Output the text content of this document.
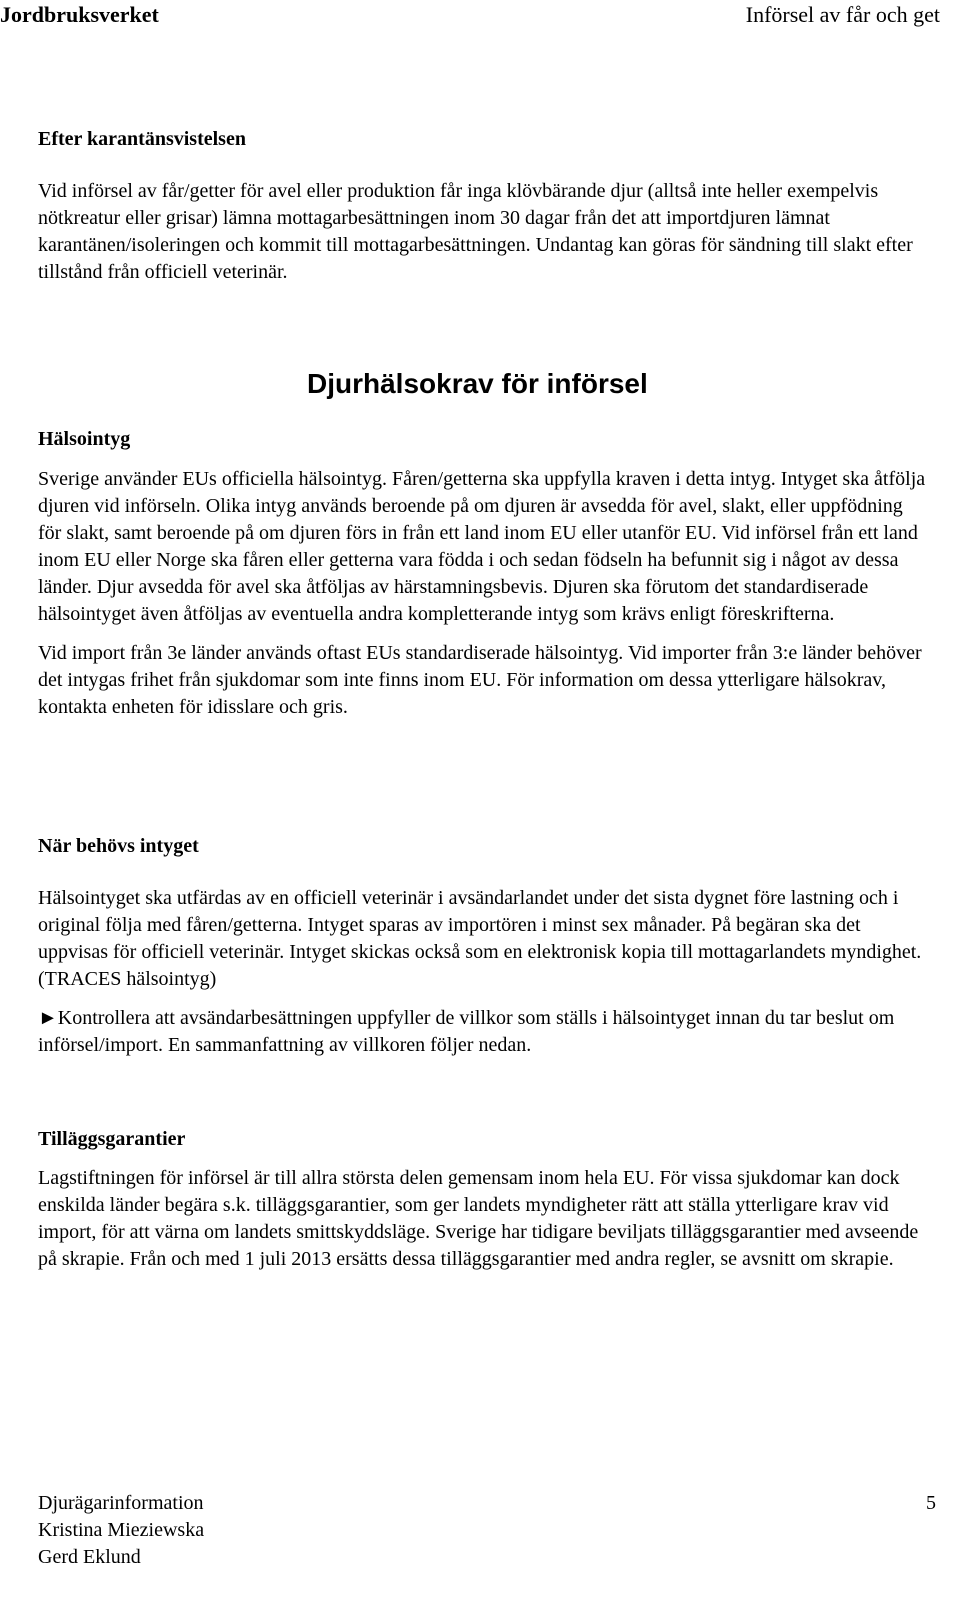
Jordbruksverket	Införsel av får och get
Efter karantänsvistelsen

Vid införsel av får/getter för avel eller produktion får inga klövbärande djur (alltså inte heller exempelvis nötkreatur eller grisar) lämna mottagarbesättningen inom 30 dagar från det att importdjuren lämnat karantänen/isoleringen och kommit till mottagarbesättningen. Undantag kan göras för sändning till slakt efter tillstånd från officiell veterinär.

Djurhälsokrav för införsel
Hälsointyg

Sverige använder EUs officiella hälsointyg. Fåren/getterna ska uppfylla kraven i detta intyg. Intyget ska åtfölja djuren vid införseln. Olika intyg används beroende på om djuren är avsedda för avel, slakt, eller uppfödning för slakt, samt beroende på om djuren förs in från ett land inom EU eller utanför EU. Vid införsel från ett land inom EU eller Norge ska fåren eller getterna vara födda i och sedan födseln ha befunnit sig i något av dessa länder. Djur avsedda för avel ska åtföljas av härstamningsbevis. Djuren ska förutom det standardiserade hälsointyget även åtföljas av eventuella andra kompletterande intyg som krävs enligt föreskrifterna.

Vid import från 3e länder används oftast EUs standardiserade hälsointyg. Vid importer från 3:e länder behöver det intygas frihet från sjukdomar som inte finns inom EU. För information om dessa ytterligare hälsokrav, kontakta enheten för idisslare och gris.

När behövs intyget

Hälsointyget ska utfärdas av en officiell veterinär i avsändarlandet under det sista dygnet före lastning och i original följa med fåren/getterna. Intyget sparas av importören i minst sex månader. På begäran ska det uppvisas för officiell veterinär. Intyget skickas också som en elektronisk kopia till mottagarlandets myndighet. (TRACES hälsointyg)

►Kontrollera att avsändarbesättningen uppfyller de villkor som ställs i hälsointyget innan du tar beslut om införsel/import. En sammanfattning av villkoren följer nedan.

Tilläggsgarantier

Lagstiftningen för införsel är till allra största delen gemensam inom hela EU. För vissa sjukdomar kan dock enskilda länder begära s.k. tilläggsgarantier, som ger landets myndigheter rätt att ställa ytterligare krav vid import, för att värna om landets smittskyddsläge. Sverige har tidigare beviljats tilläggsgarantier med avseende på skrapie. Från och med 1 juli 2013 ersätts dessa tilläggsgarantier med andra regler, se avsnitt om skrapie.

Djurägarinformation
Kristina Mieziewska
Gerd Eklund
5
